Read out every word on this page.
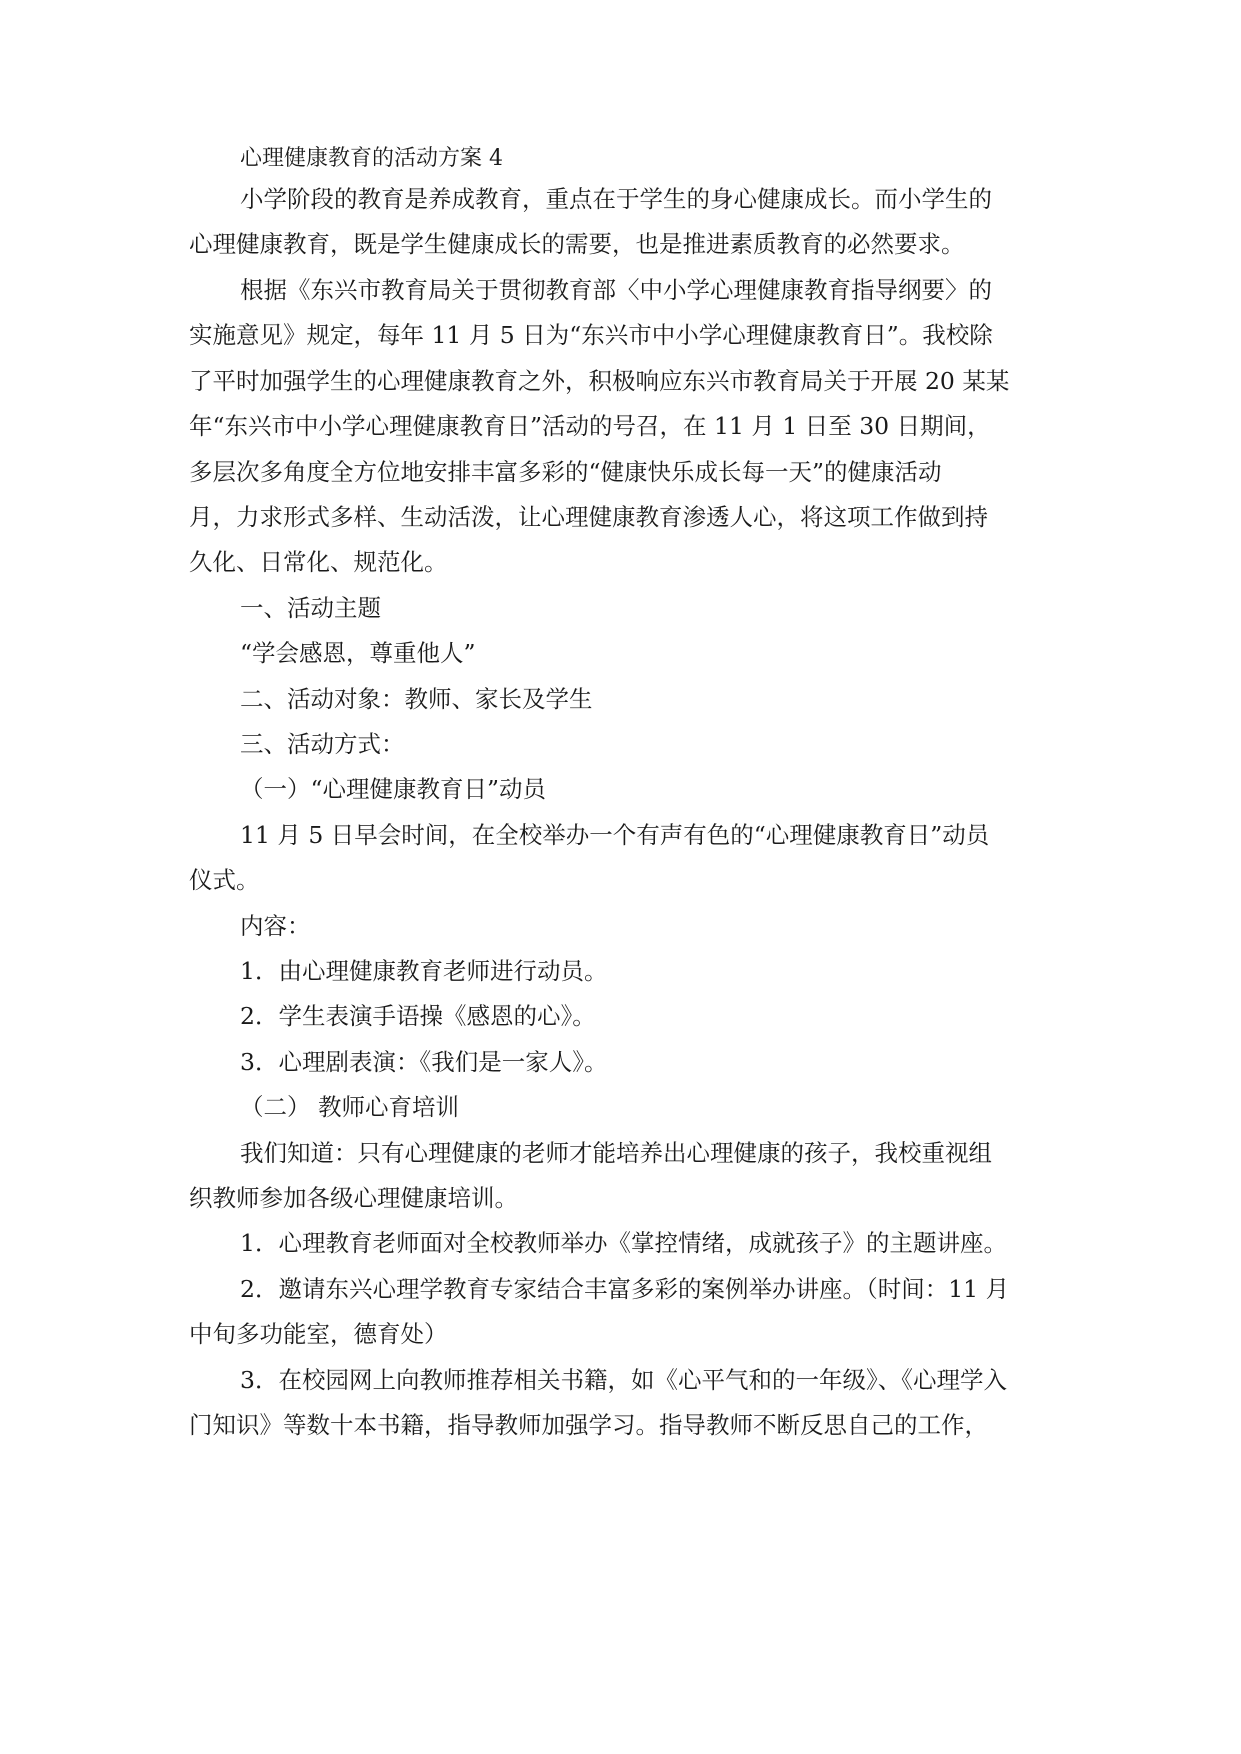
心理健康教育的活动方案 4
小学阶段的教育是养成教育，重点在于学生的身心健康成长。而小学生的
心理健康教育，既是学生健康成长的需要，也是推进素质教育的必然要求。
根据《东兴市教育局关于贯彻教育部〈中小学心理健康教育指导纲要〉的
实施意见》规定，每年 11 月 5 日为“东兴市中小学心理健康教育日”。我校除
了平时加强学生的心理健康教育之外，积极响应东兴市教育局关于开展 20 某某
年“东兴市中小学心理健康教育日”活动的号召，在 11 月 1 日至 30 日期间，
多层次多角度全方位地安排丰富多彩的“健康快乐成长每一天”的健康活动
月，力求形式多样、生动活泼，让心理健康教育渗透人心，将这项工作做到持
久化、日常化、规范化。
一、活动主题
“学会感恩，尊重他人”
二、活动对象：教师、家长及学生
三、活动方式：
（一）“心理健康教育日”动员
11 月 5 日早会时间，在全校举办一个有声有色的“心理健康教育日”动员
仪式。
内容：
1．由心理健康教育老师进行动员。
2．学生表演手语操《感恩的心》。
3．心理剧表演：《我们是一家人》。
（二） 教师心育培训
我们知道：只有心理健康的老师才能培养出心理健康的孩子，我校重视组
织教师参加各级心理健康培训。
1．心理教育老师面对全校教师举办《掌控情绪，成就孩子》的主题讲座。
2．邀请东兴心理学教育专家结合丰富多彩的案例举办讲座。（时间：11 月
中旬多功能室，德育处）
3．在校园网上向教师推荐相关书籍，如《心平气和的一年级》、《心理学入
门知识》等数十本书籍，指导教师加强学习。指导教师不断反思自己的工作，
